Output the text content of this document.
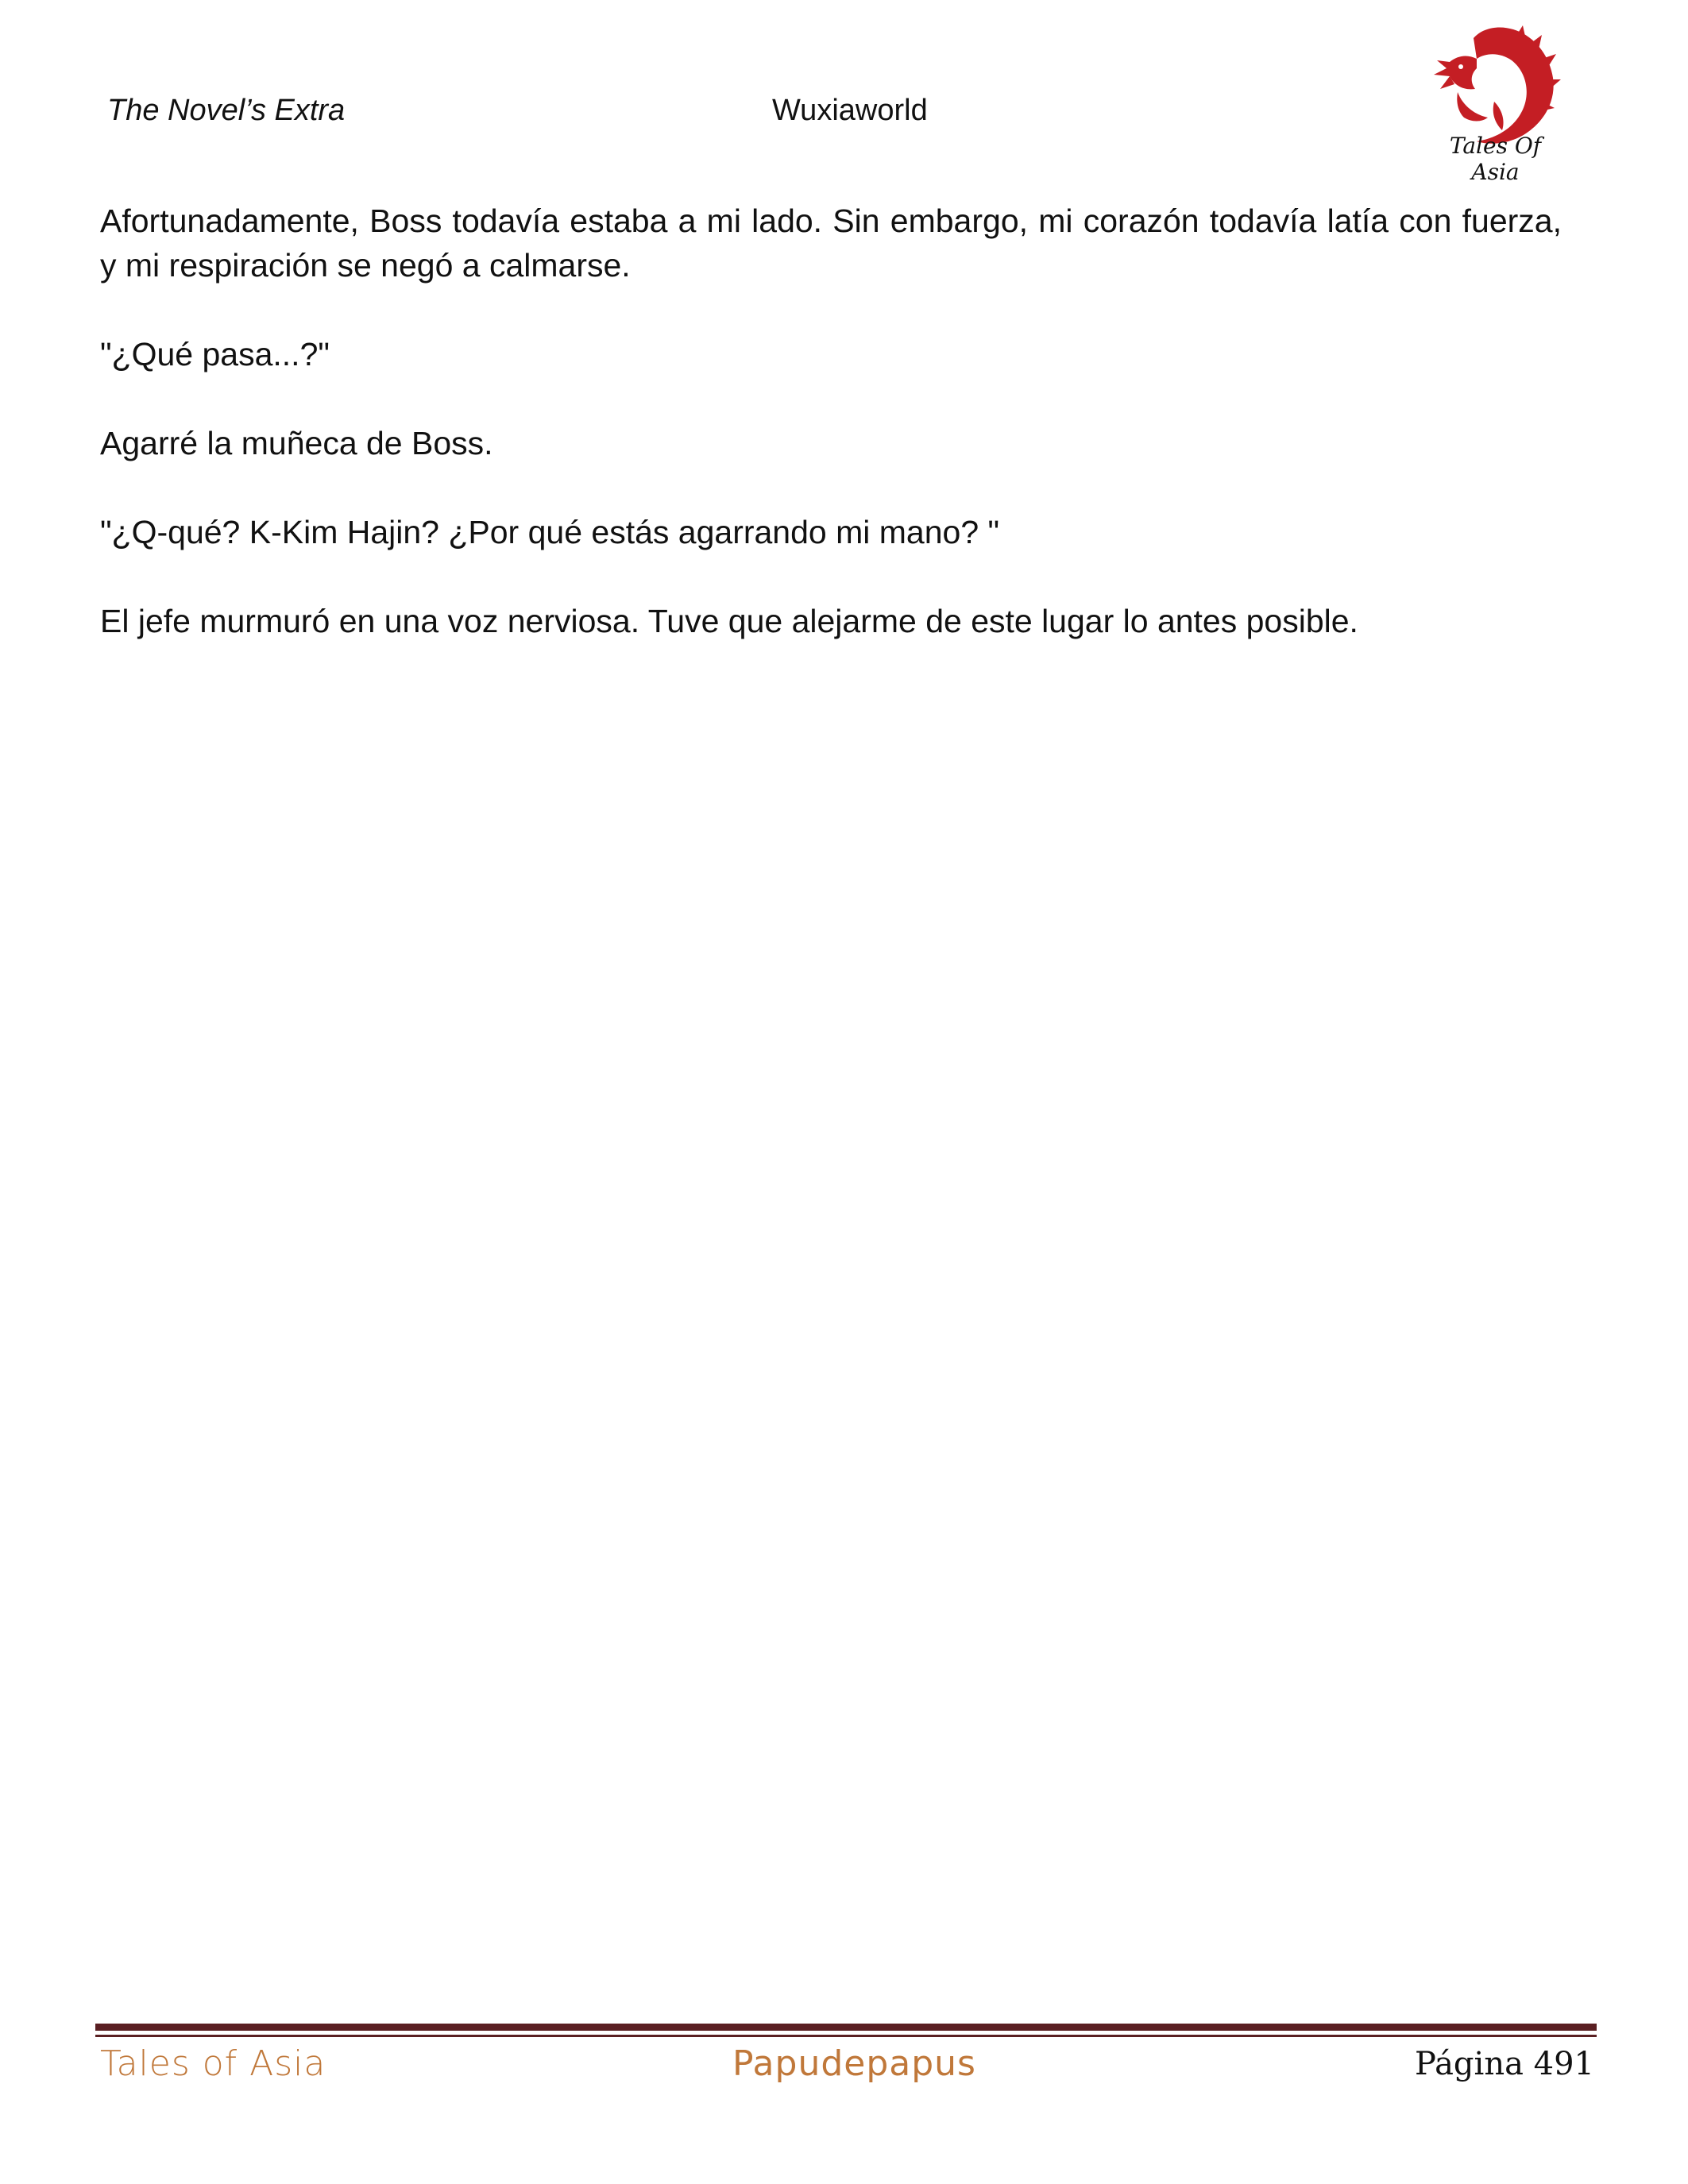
The Novel’s Extra	Wuxiaworld
Tales Of Asia

Afortunadamente, Boss todavía estaba a mi lado. Sin embargo, mi corazón todavía latía con fuerza, y mi respiración se negó a calmarse.

"¿Qué pasa...?"

Agarré la muñeca de Boss.

"¿Q-qué? K-Kim Hajin? ¿Por qué estás agarrando mi mano? "

El jefe murmuró en una voz nerviosa. Tuve que alejarme de este lugar lo antes posible.

Tales of Asia	Papudepapus	Página 491
